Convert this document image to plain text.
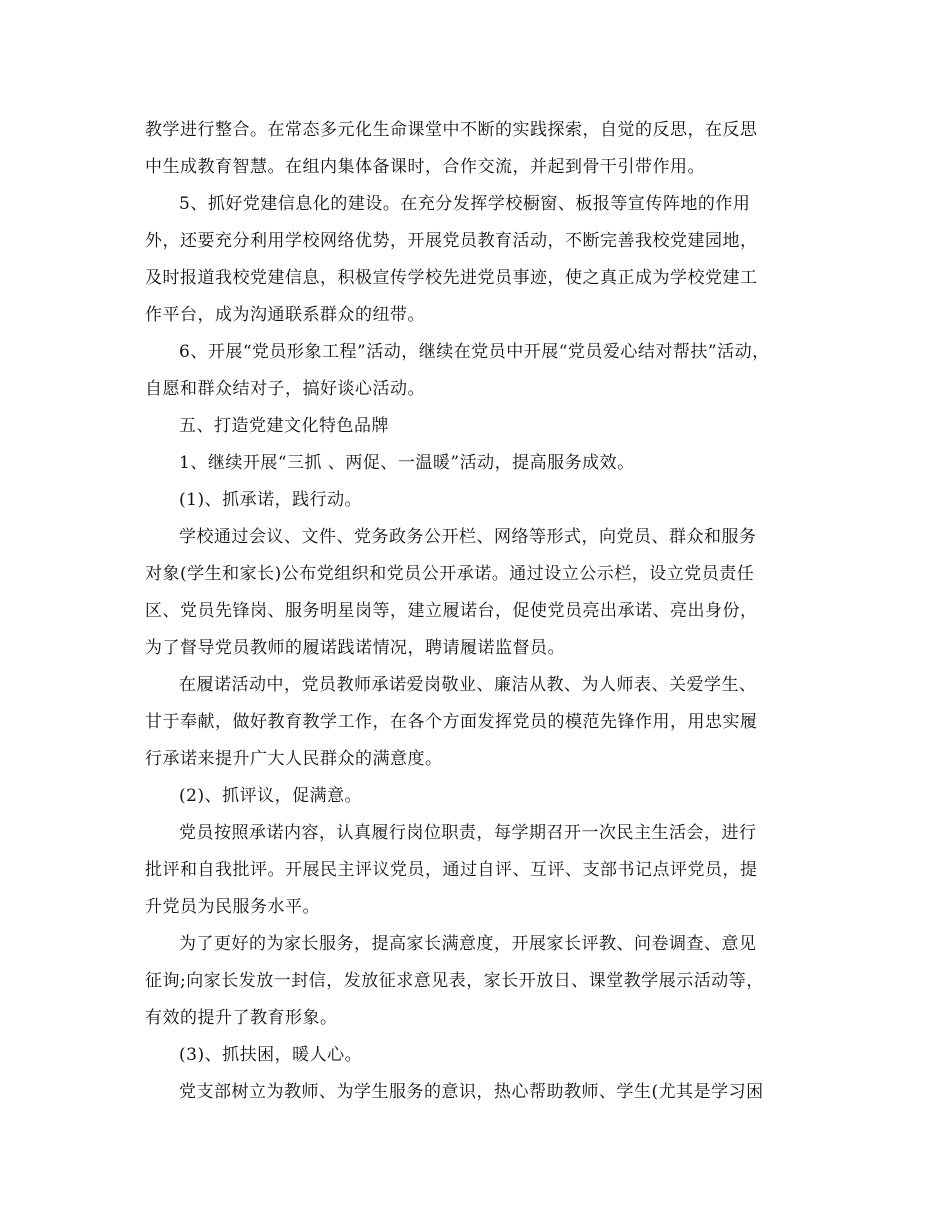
教学进行整合。在常态多元化生命课堂中不断的实践探索，自觉的反思，在反思
中生成教育智慧。在组内集体备课时，合作交流，并起到骨干引带作用。
5、抓好党建信息化的建设。在充分发挥学校橱窗、板报等宣传阵地的作用
外，还要充分利用学校网络优势，开展党员教育活动，不断完善我校党建园地，
及时报道我校党建信息，积极宣传学校先进党员事迹，使之真正成为学校党建工
作平台，成为沟通联系群众的纽带。
6、开展“党员形象工程”活动，继续在党员中开展“党员爱心结对帮扶”活动，
自愿和群众结对子，搞好谈心活动。
五、打造党建文化特色品牌
1、继续开展“三抓 、两促、一温暖”活动，提高服务成效。
(1)、抓承诺，践行动。
学校通过会议、文件、党务政务公开栏、网络等形式，向党员、群众和服务
对象(学生和家长)公布党组织和党员公开承诺。通过设立公示栏，设立党员责任
区、党员先锋岗、服务明星岗等，建立履诺台，促使党员亮出承诺、亮出身份，
为了督导党员教师的履诺践诺情况，聘请履诺监督员。
在履诺活动中，党员教师承诺爱岗敬业、廉洁从教、为人师表、关爱学生、
甘于奉献，做好教育教学工作，在各个方面发挥党员的模范先锋作用，用忠实履
行承诺来提升广大人民群众的满意度。
(2)、抓评议，促满意。
党员按照承诺内容，认真履行岗位职责，每学期召开一次民主生活会，进行
批评和自我批评。开展民主评议党员，通过自评、互评、支部书记点评党员，提
升党员为民服务水平。
为了更好的为家长服务，提高家长满意度，开展家长评教、问卷调查、意见
征询;向家长发放一封信，发放征求意见表，家长开放日、课堂教学展示活动等，
有效的提升了教育形象。
(3)、抓扶困，暖人心。
党支部树立为教师、为学生服务的意识，热心帮助教师、学生(尤其是学习困
